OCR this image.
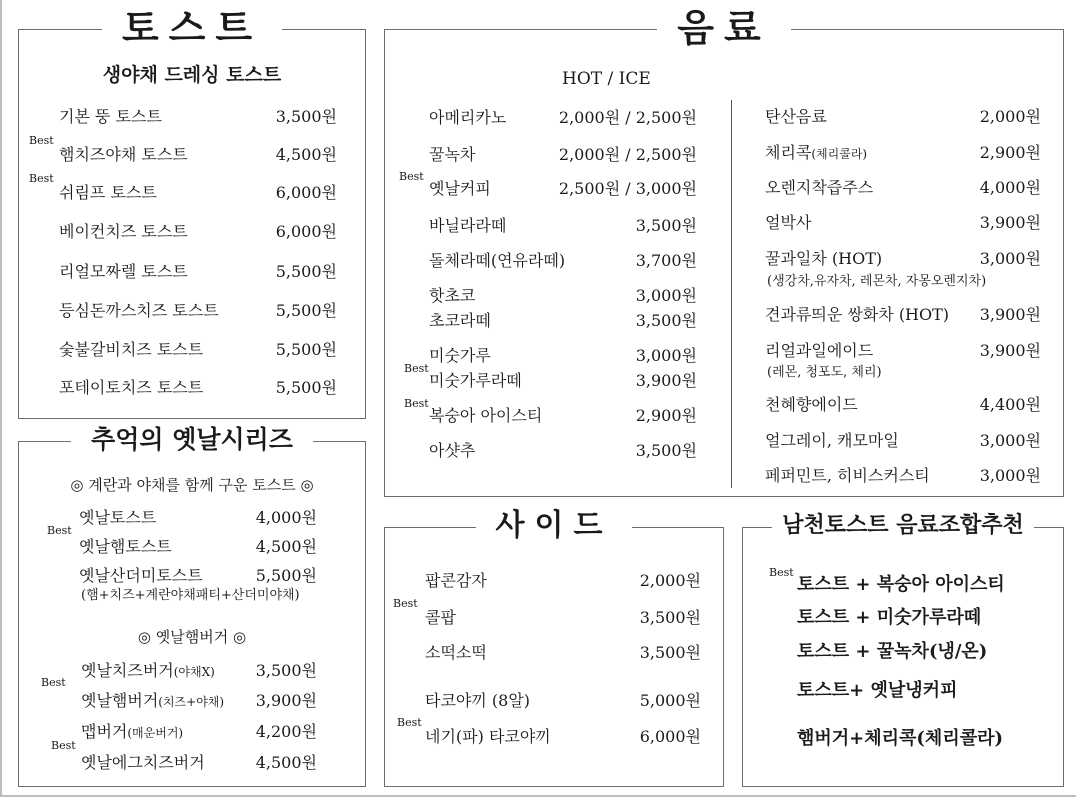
토스트
생야채 드레싱 토스트
기본 뚱 토스트	3,500원
Best
햄치즈야채 토스트	4,500원
Best
쉬림프 토스트	6,000원
베이컨치즈 토스트	6,000원
리얼모짜렐 토스트	5,500원
등심돈까스치즈 토스트	5,500원
숯불갈비치즈 토스트	5,500원
포테이토치즈 토스트	5,500원
추억의 옛날시리즈
◎ 계란과 야채를 함께 구운 토스트 ◎
옛날토스트	4,000원
Best
옛날햄토스트	4,500원
옛날산더미토스트	5,500원
(햄+치즈+계란야채패티+산더미야채)
◎ 옛날햄버거 ◎
옛날치즈버거(야채X)	3,500원
Best
옛날햄버거(치즈+야채) 3,900원
맵버거(매운버거)	4,200원
Best
옛날에그치즈버거	4,500원
음료
HOT / ICE
아메리카노	2,000원 / 2,500원
꿀녹차	2,000원 / 2,500원
Best
옛날커피	2,500원 / 3,000원
바닐라라떼	3,500원
돌체라떼(연유라떼)	3,700원
핫초코	3,000원
초코라떼	3,500원
미숫가루	3,000원
Best
미숫가루라떼	3,900원
Best
복숭아 아이스티	2,900원
아샷추	3,500원
탄산음료	2,000원
체리콕(체리콜라)	2,900원
오렌지착즙주스	4,000원
얼박사	3,900원
꿀과일차 (HOT)	3,000원
(생강차,유자차, 레몬차, 자몽오렌지차)
견과류띄운 쌍화차 (HOT) 3,900원
리얼과일에이드	3,900원
(레몬, 청포도, 체리)
천혜향에이드	4,400원
얼그레이, 캐모마일	3,000원
페퍼민트, 히비스커스티	3,000원
사이드
팝콘감자	2,000원
Best
콜팝	3,500원
소떡소떡	3,500원
타코야끼 (8알)	5,000원
Best
네기(파) 타코야끼	6,000원
남천토스트 음료조합추천
Best
토스트 + 복숭아 아이스티
토스트 + 미숫가루라떼
토스트 + 꿀녹차(냉/온)
토스트+ 옛날냉커피
햄버거+체리콕(체리콜라)
